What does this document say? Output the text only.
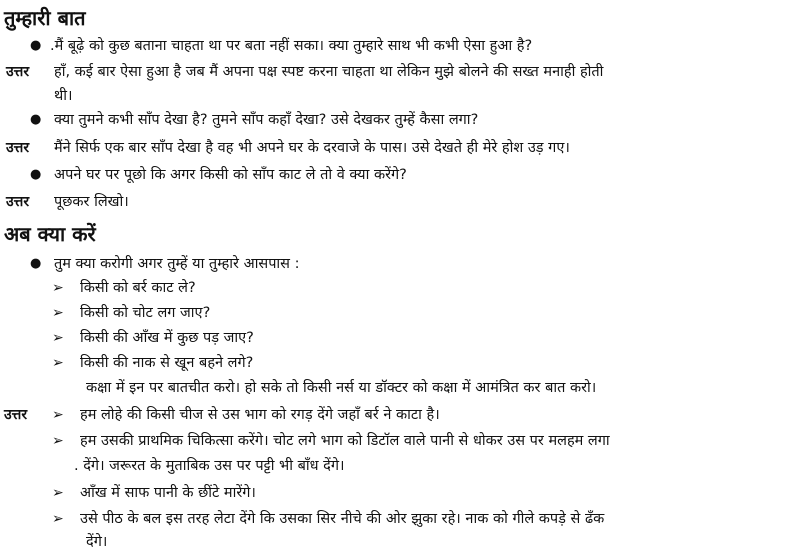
तुम्हारी बात
● .मैं बूढ़े को कुछ बताना चाहता था पर बता नहीं सका। क्या तुम्हारे साथ भी कभी ऐसा हुआ है?
उत्तर हाँ, कई बार ऐसा हुआ है जब मैं अपना पक्ष स्पष्ट करना चाहता था लेकिन मुझे बोलने की सख्त मनाही होती
थी।
● क्या तुमने कभी साँप देखा है? तुमने साँप कहाँ देखा? उसे देखकर तुम्हें कैसा लगा?
उत्तर मैंने सिर्फ एक बार साँप देखा है वह भी अपने घर के दरवाजे के पास। उसे देखते ही मेरे होश उड़ गए।
● अपने घर पर पूछो कि अगर किसी को साँप काट ले तो वे क्या करेंगे?
उत्तर पूछकर लिखो।
अब क्या करें
● तुम क्या करोगी अगर तुम्हें या तुम्हारे आसपास :
➢ किसी को बर्र काट ले?
➢ किसी को चोट लग जाए?
➢ किसी की आँख में कुछ पड़ जाए?
➢ किसी की नाक से खून बहने लगे?
कक्षा में इन पर बातचीत करो। हो सके तो किसी नर्स या डॉक्टर को कक्षा में आमंत्रित कर बात करो।
उत्तर ➢ हम लोहे की किसी चीज से उस भाग को रगड़ देंगे जहाँ बर्र ने काटा है।
➢ हम उसकी प्राथमिक चिकित्सा करेंगे। चोट लगे भाग को डिटॉल वाले पानी से धोकर उस पर मलहम लगा
. देंगे। जरूरत के मुताबिक उस पर पट्टी भी बाँध देंगे।
➢ आँख में साफ पानी के छींटे मारेंगे।
➢ उसे पीठ के बल इस तरह लेटा देंगे कि उसका सिर नीचे की ओर झुका रहे। नाक को गीले कपड़े से ढँक
देंगे।
